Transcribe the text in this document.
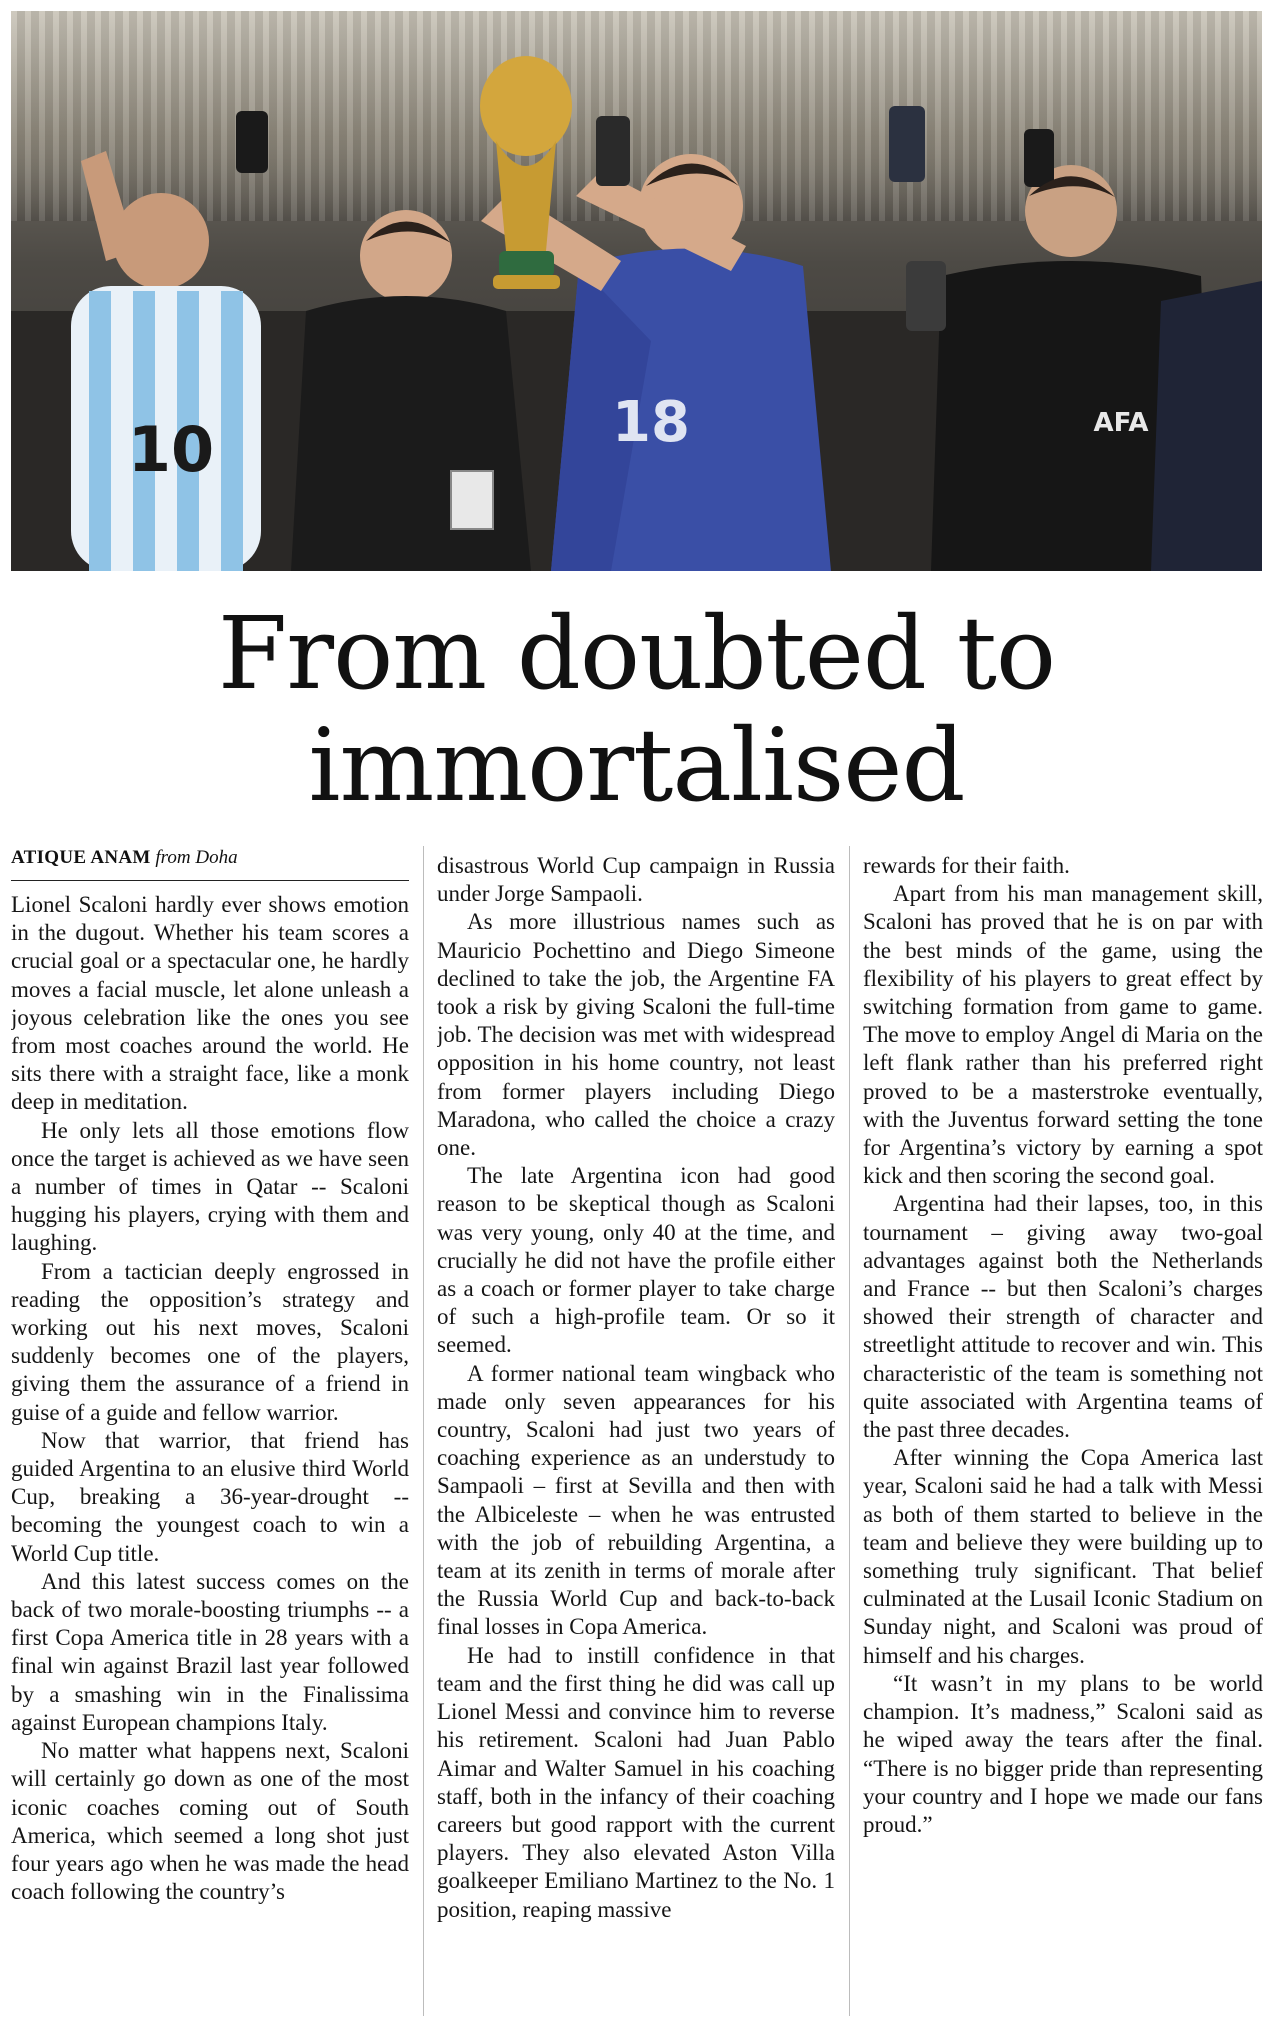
10	18	AFA
From doubted to
immortalised
ATIQUE ANAM from Doha

Lionel Scaloni hardly ever shows emotion in the dugout. Whether his team scores a crucial goal or a spectacular one, he hardly moves a facial muscle, let alone unleash a joyous celebration like the ones you see from most coaches around the world. He sits there with a straight face, like a monk deep in meditation.

He only lets all those emotions flow once the target is achieved as we have seen a number of times in Qatar -- Scaloni hugging his players, crying with them and laughing.

From a tactician deeply engrossed in reading the opposition’s strategy and working out his next moves, Scaloni suddenly becomes one of the players, giving them the assurance of a friend in guise of a guide and fellow warrior.

Now that warrior, that friend has guided Argentina to an elusive third World Cup, breaking a 36-year-drought -- becoming the youngest coach to win a World Cup title.

And this latest success comes on the back of two morale-boosting triumphs -- a first Copa America title in 28 years with a final win against Brazil last year followed by a smashing win in the Finalissima against European champions Italy.

No matter what happens next, Scaloni will certainly go down as one of the most iconic coaches coming out of South America, which seemed a long shot just four years ago when he was made the head coach following the country’s

disastrous World Cup campaign in Russia under Jorge Sampaoli.

As more illustrious names such as Mauricio Pochettino and Diego Simeone declined to take the job, the Argentine FA took a risk by giving Scaloni the full-time job. The decision was met with widespread opposition in his home country, not least from former players including Diego Maradona, who called the choice a crazy one.

The late Argentina icon had good reason to be skeptical though as Scaloni was very young, only 40 at the time, and crucially he did not have the profile either as a coach or former player to take charge of such a high-profile team. Or so it seemed.

A former national team wingback who made only seven appearances for his country, Scaloni had just two years of coaching experience as an understudy to Sampaoli – first at Sevilla and then with the Albiceleste – when he was entrusted with the job of rebuilding Argentina, a team at its zenith in terms of morale after the Russia World Cup and back-to-back final losses in Copa America.

He had to instill confidence in that team and the first thing he did was call up Lionel Messi and convince him to reverse his retirement. Scaloni had Juan Pablo Aimar and Walter Samuel in his coaching staff, both in the infancy of their coaching careers but good rapport with the current players. They also elevated Aston Villa goalkeeper Emiliano Martinez to the No. 1 position, reaping massive

rewards for their faith.

Apart from his man management skill, Scaloni has proved that he is on par with the best minds of the game, using the flexibility of his players to great effect by switching formation from game to game. The move to employ Angel di Maria on the left flank rather than his preferred right proved to be a masterstroke eventually, with the Juventus forward setting the tone for Argentina’s victory by earning a spot kick and then scoring the second goal.

Argentina had their lapses, too, in this tournament – giving away two-goal advantages against both the Netherlands and France -- but then Scaloni’s charges showed their strength of character and streetlight attitude to recover and win. This characteristic of the team is something not quite associated with Argentina teams of the past three decades.

After winning the Copa America last year, Scaloni said he had a talk with Messi as both of them started to believe in the team and believe they were building up to something truly significant. That belief culminated at the Lusail Iconic Stadium on Sunday night, and Scaloni was proud of himself and his charges.

“It wasn’t in my plans to be world champion. It’s madness,” Scaloni said as he wiped away the tears after the final. “There is no bigger pride than representing your country and I hope we made our fans proud.”
